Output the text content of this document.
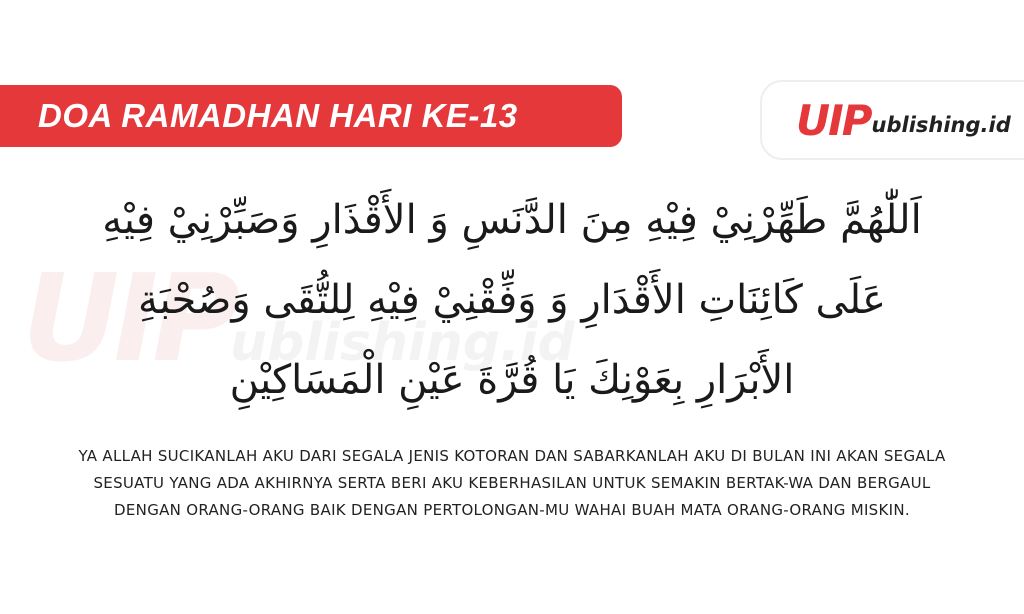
UIPublishing.id
DOA RAMADHAN HARI KE-13	UIP ublishing.id
اَللّٰهُمَّ طَهِّرْنِيْ فِيْهِ مِنَ الدَّنَسِ وَ الأَقْذَارِ وَصَبِّرْنِيْ فِيْهِ عَلَى كَائِنَاتِ الأَقْدَارِ وَ وَفِّقْنِيْ فِيْهِ لِلتُّقَى وَصُحْبَةِ الأَبْرَارِ بِعَوْنِكَ يَا قُرَّةَ عَيْنِ الْمَسَاكِيْنِ
YA ALLAH SUCIKANLAH AKU DARI SEGALA JENIS KOTORAN DAN SABARKANLAH AKU DI BULAN INI AKAN SEGALA SESUATU YANG ADA AKHIRNYA SERTA BERI AKU KEBERHASILAN UNTUK SEMAKIN BERTAK-WA DAN BERGAUL DENGAN ORANG-ORANG BAIK DENGAN PERTOLONGAN-MU WAHAI BUAH MATA ORANG-ORANG MISKIN.
